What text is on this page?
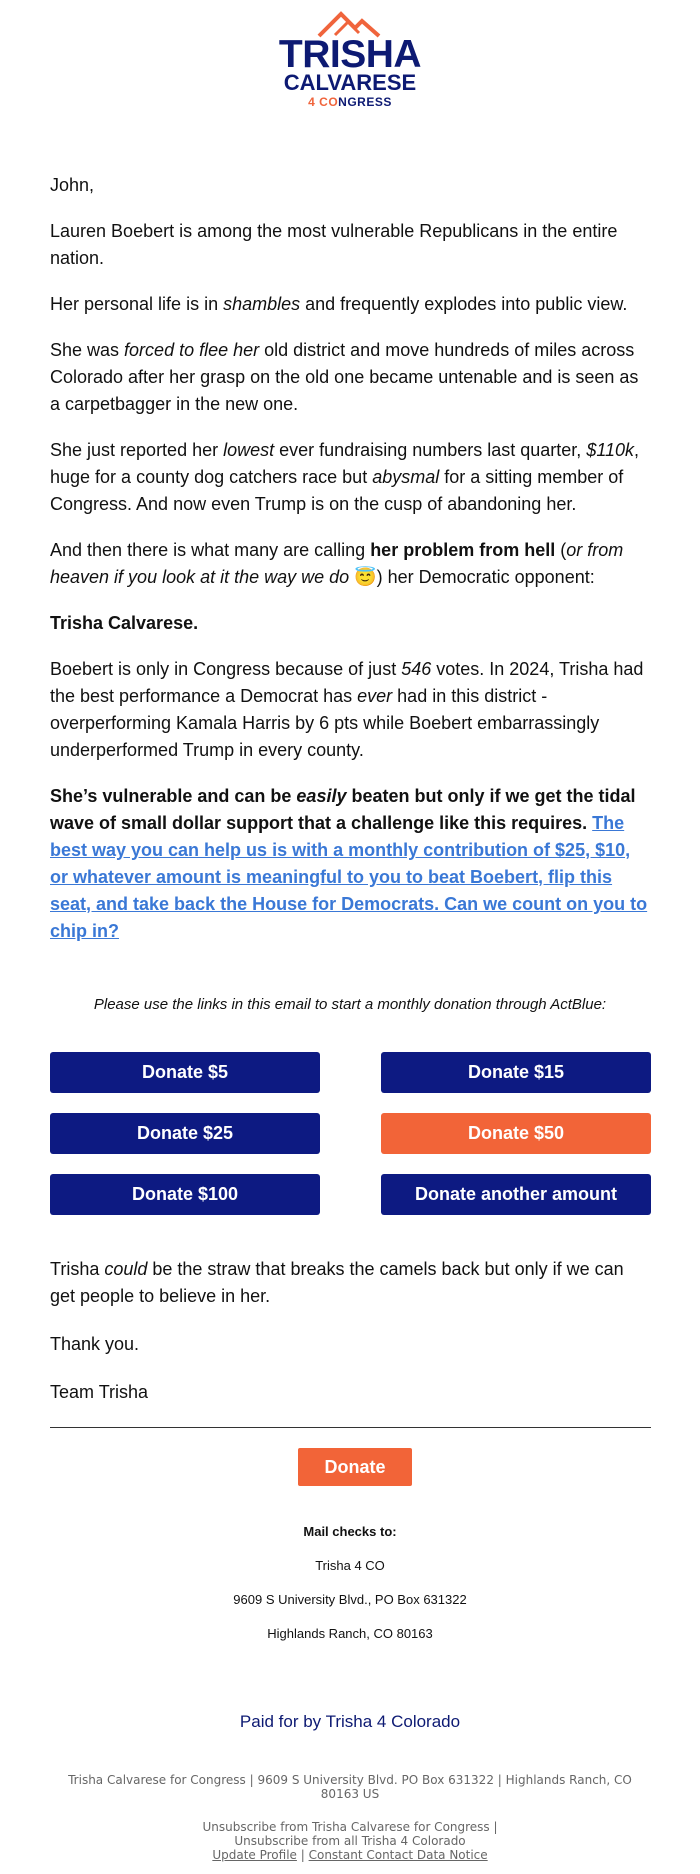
TRISHA
CALVARESE
4 CONGRESS

John,

Lauren Boebert is among the most vulnerable Republicans in the entire nation.

Her personal life is in shambles and frequently explodes into public view.

She was forced to flee her old district and move hundreds of miles across Colorado after her grasp on the old one became untenable and is seen as a carpetbagger in the new one.

She just reported her lowest ever fundraising numbers last quarter, $110k, huge for a county dog catchers race but abysmal for a sitting member of Congress. And now even Trump is on the cusp of abandoning her.

And then there is what many are calling her problem from hell (or from heaven if you look at it the way we do 😇) her Democratic opponent:

Trisha Calvarese.

Boebert is only in Congress because of just 546 votes. In 2024, Trisha had the best performance a Democrat has ever had in this district - overperforming Kamala Harris by 6 pts while Boebert embarrassingly underperformed Trump in every county.

She’s vulnerable and can be easily beaten but only if we get the tidal wave of small dollar support that a challenge like this requires. The best way you can help us is with a monthly contribution of $25, $10, or whatever amount is meaningful to you to beat Boebert, flip this seat, and take back the House for Democrats. Can we count on you to chip in?

Please use the links in this email to start a monthly donation through ActBlue:
Donate $5	Donate $15
Donate $25	Donate $50
Donate $100	Donate another amount

Trisha could be the straw that breaks the camels back but only if we can get people to believe in her.

Thank you.

Team Trisha

Donate
Mail checks to:
Trisha 4 CO
9609 S University Blvd., PO Box 631322
Highlands Ranch, CO 80163
Paid for by Trisha 4 Colorado
Trisha Calvarese for Congress | 9609 S University Blvd. PO Box 631322 | Highlands Ranch, CO 80163 US
Unsubscribe from Trisha Calvarese for Congress |
Unsubscribe from all Trisha 4 Colorado
Update Profile | Constant Contact Data Notice
